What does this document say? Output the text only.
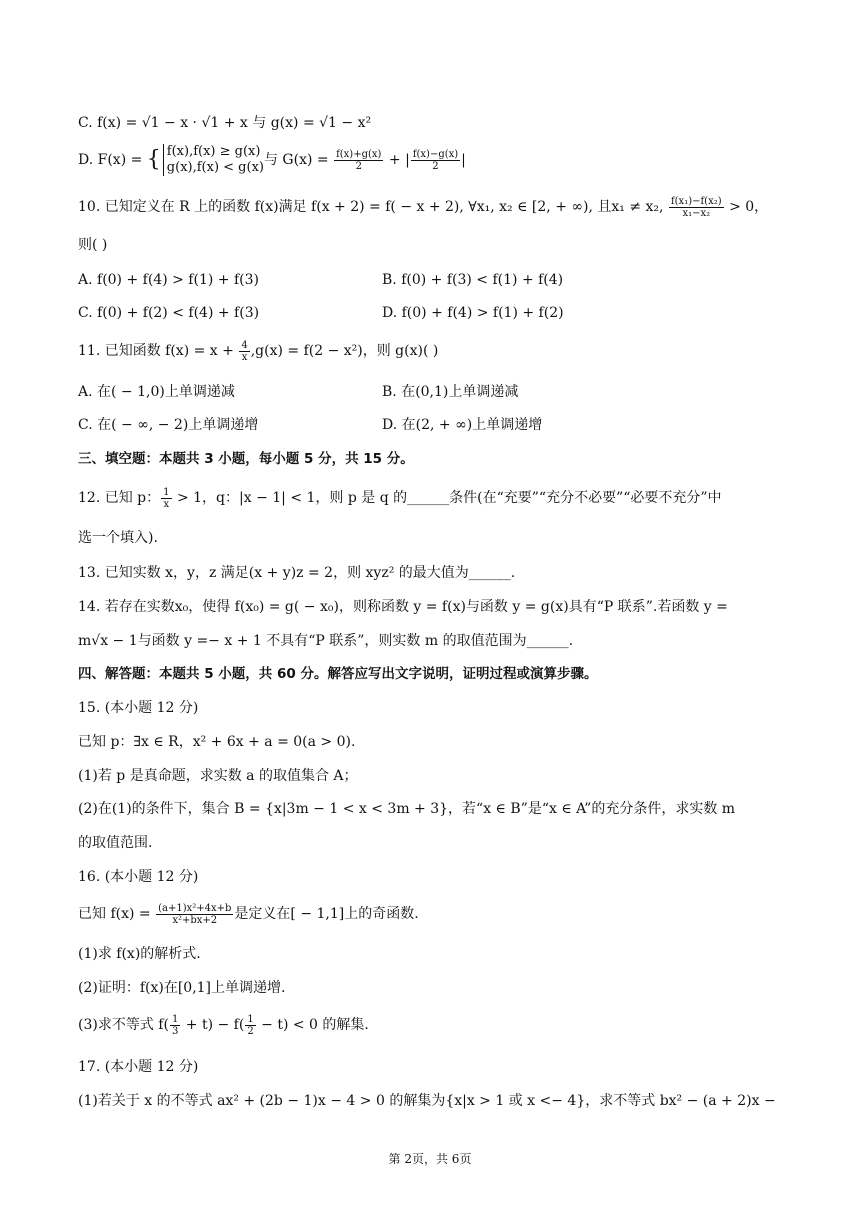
C. f(x) = √1 − x · √1 + x 与 g(x) = √1 − x²
D. F(x) = { f(x),f(x) ≥ g(x)
g(x),f(x) < g(x) 与 $G(x) = \frac{f(x)+g(x)}{2}$ + | $\frac{f(x)-g(x)}{2}$ |
10. 已知定义在 R 上的函数 f(x)满足 f(x + 2) = f( − x + 2), ∀x₁, x₂ ∈ [2, + ∞), 且x₁ ≠ x₂, $\frac{\text{f(x₁)−f(x₂)}}{\text{x₁−x₂}} > 0$，
则( )
A. f(0) + f(4) > f(1) + f(3)	B. f(0) + f(3) < f(1) + f(4)
C. f(0) + f(2) < f(4) + f(3)	D. f(0) + f(4) > f(1) + f(2)
11. 已知函数 $f(x) = x + \frac{4}{x} ,g(x) = f(2 - x^2)$，则 g(x)( )
A. 在( − 1,0)上单调递减	B. 在(0,1)上单调递减
C. 在( − ∞, − 2)上单调递增	D. 在(2, + ∞)上单调递增
三、填空题：本题共 3 小题，每小题 5 分，共 15 分。
12. 已知 p： $\frac{1}{x} > 1$，q：|x − 1| < 1，则 p 是 q 的______条件(在“充要”“充分不必要”“必要不充分”中
选一个填入).
13. 已知实数 x，y，z 满足(x + y)z = 2，则 xyz² 的最大值为______.
14. 若存在实数x₀，使得 f(x₀) = g( − x₀)，则称函数 y = f(x)与函数 y = g(x)具有“P 联系”.若函数 y =
m√x − 1与函数 y =− x + 1 不具有“P 联系”，则实数 m 的取值范围为______.
四、解答题：本题共 5 小题，共 60 分。解答应写出文字说明，证明过程或演算步骤。
15. (本小题 12 分)
已知 p：∃x ∈ R，x² + 6x + a = 0(a > 0).
(1)若 p 是真命题，求实数 a 的取值集合 A；
(2)在(1)的条件下，集合 B = {x|3m − 1 < x < 3m + 3}，若“x ∈ B”是“x ∈ A”的充分条件，求实数 m
的取值范围.
16. (本小题 12 分)
已知 $f(x) = \frac{\text{(a+1)x²+4x+b}}{\text{x²+bx+2}}$ 是定义在[ − 1,1]上的奇函数.
(1)求 f(x)的解析式.
(2)证明：f(x)在[0,1]上单调递增.
(3)求不等式 $f( \frac{1}{3} + t) - f( \frac{1}{2} - t) < 0$ 的解集.
17. (本小题 12 分)
(1)若关于 x 的不等式 ax² + (2b − 1)x − 4 > 0 的解集为{x|x > 1 或 x <− 4}，求不等式 bx² − (a + 2)x −
第 2页，共 6页
